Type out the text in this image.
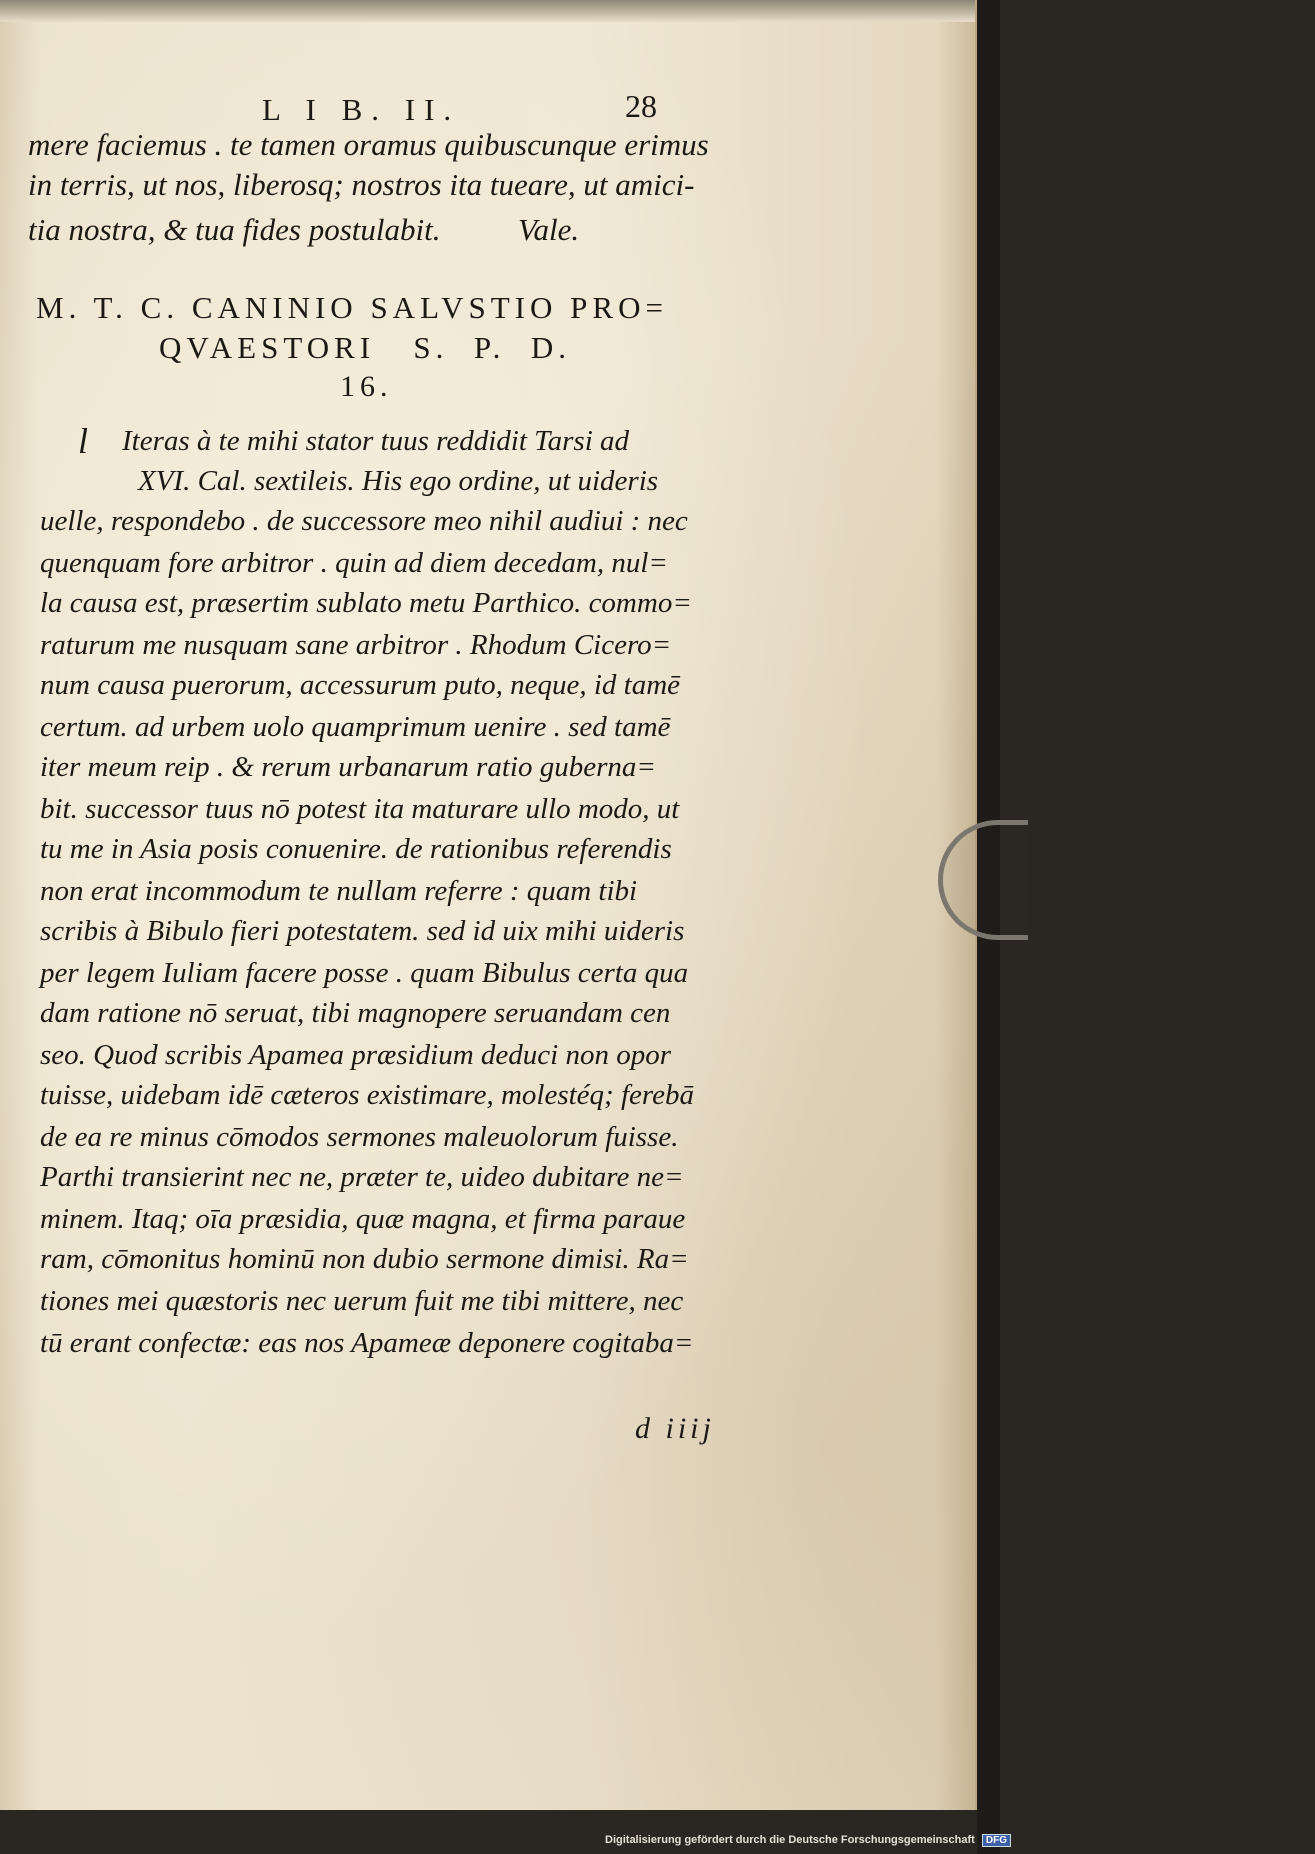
L I B. II.	28
mere faciemus . te tamen oramus quibuscunque erimus
in terris, ut nos, liberosq; nostros ita tueare, ut amici-
tia nostra, & tua fides postulabit.          Vale.
M. T. C. CANINIO SALVSTIO PRO=
QVAESTORI   S.  P.  D.
16.
l Iteras à te mihi stator tuus reddidit Tarsi ad
XVI. Cal. sextileis. His ego ordine, ut uideris
uelle, respondebo . de successore meo nihil audiui : nec
quenquam fore arbitror . quin ad diem decedam, nul=
la causa est, præsertim sublato metu Parthico. commo=
raturum me nusquam sane arbitror . Rhodum Cicero=
num causa puerorum, accessurum puto, neque, id tamē
certum. ad urbem uolo quamprimum uenire . sed tamē
iter meum reip . & rerum urbanarum ratio guberna=
bit. successor tuus nō potest ita maturare ullo modo, ut
tu me in Asia posis conuenire. de rationibus referendis
non erat incommodum te nullam referre : quam tibi
scribis à Bibulo fieri potestatem. sed id uix mihi uideris
per legem Iuliam facere posse . quam Bibulus certa qua
dam ratione nō seruat, tibi magnopere seruandam cen
seo. Quod scribis Apamea præsidium deduci non opor
tuisse, uidebam idē cæteros existimare, molestéq; ferebā
de ea re minus cōmodos sermones maleuolorum fuisse.
Parthi transierint nec ne, præter te, uideo dubitare ne=
minem. Itaq; oīa præsidia, quæ magna, et firma paraue
ram, cōmonitus hominū non dubio sermone dimisi. Ra=
tiones mei quæstoris nec uerum fuit me tibi mittere, nec
tū erant confectæ: eas nos Apameæ deponere cogitaba=
d iiij
Digitalisierung gefördert durch die Deutsche Forschungsgemeinschaft DFG
